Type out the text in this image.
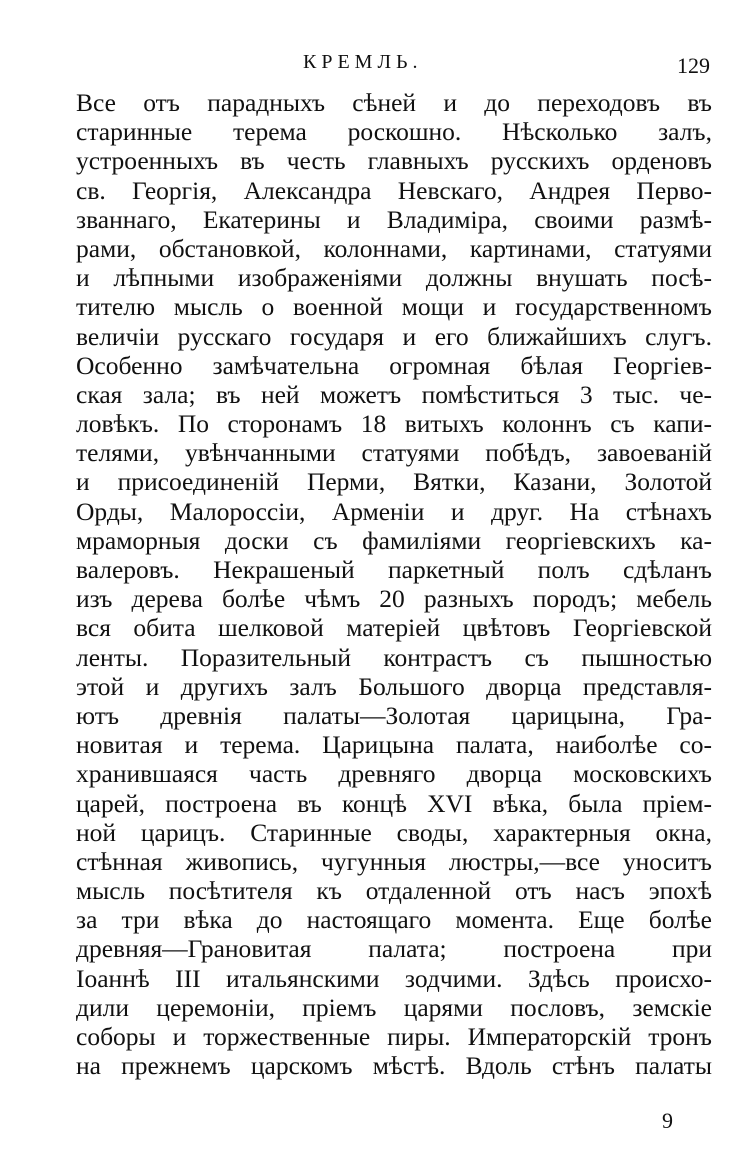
КРЕМЛЬ.	129
Все отъ парадныхъ сѣней и до переходовъ въ
старинные терема роскошно. Нѣсколько залъ,
устроенныхъ въ честь главныхъ русскихъ орденовъ
св. Георгія, Александра Невскаго, Андрея Перво-
званнаго, Екатерины и Владиміра, своими размѣ-
рами, обстановкой, колоннами, картинами, статуями
и лѣпными изображеніями должны внушать посѣ-
тителю мысль о военной мощи и государственномъ
величіи русскаго государя и его ближайшихъ слугъ.
Особенно замѣчательна огромная бѣлая Георгіев-
ская зала; въ ней можетъ помѣститься 3 тыс. че-
ловѣкъ. По сторонамъ 18 витыхъ колоннъ съ капи-
телями, увѣнчанными статуями побѣдъ, завоеваній
и присоединеній Перми, Вятки, Казани, Золотой
Орды, Малороссіи, Арменіи и друг. На стѣнахъ
мраморныя доски съ фамиліями георгіевскихъ ка-
валеровъ. Некрашеный паркетный полъ сдѣланъ
изъ дерева болѣе чѣмъ 20 разныхъ породъ; мебель
вся обита шелковой матеріей цвѣтовъ Георгіевской
ленты. Поразительный контрастъ съ пышностью
этой и другихъ залъ Большого дворца представля-
ютъ древнія палаты—Золотая царицына, Гра-
новитая и терема. Царицына палата, наиболѣе со-
хранившаяся часть древняго дворца московскихъ
царей, построена въ концѣ XVI вѣка, была пріем-
ной царицъ. Старинные своды, характерныя окна,
стѣнная живопись, чугунныя люстры,—все уноситъ
мысль посѣтителя къ отдаленной отъ насъ эпохѣ
за три вѣка до настоящаго момента. Еще болѣе
древняя—Грановитая палата; построена при
Іоаннѣ III итальянскими зодчими. Здѣсь происхо-
дили церемоніи, пріемъ царями пословъ, земскіе
соборы и торжественные пиры. Императорскій тронъ
на прежнемъ царскомъ мѣстѣ. Вдоль стѣнъ палаты
9
